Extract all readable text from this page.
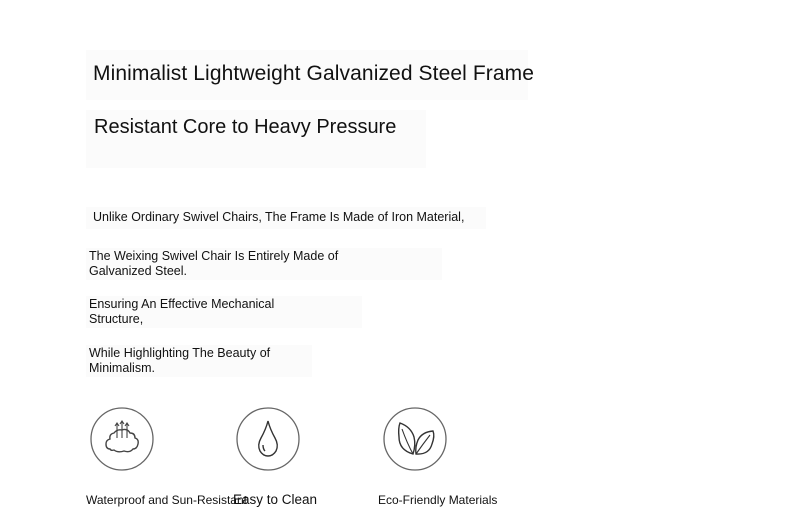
Minimalist Lightweight Galvanized Steel Frame
Resistant Core to Heavy Pressure
Unlike Ordinary Swivel Chairs, The Frame Is Made of Iron Material,
The Weixing Swivel Chair Is Entirely Made of Galvanized Steel.
Ensuring An Effective Mechanical Structure,
While Highlighting The Beauty of Minimalism.
Waterproof and Sun-Resistant
Easy to Clean	Eco-Friendly Materials
